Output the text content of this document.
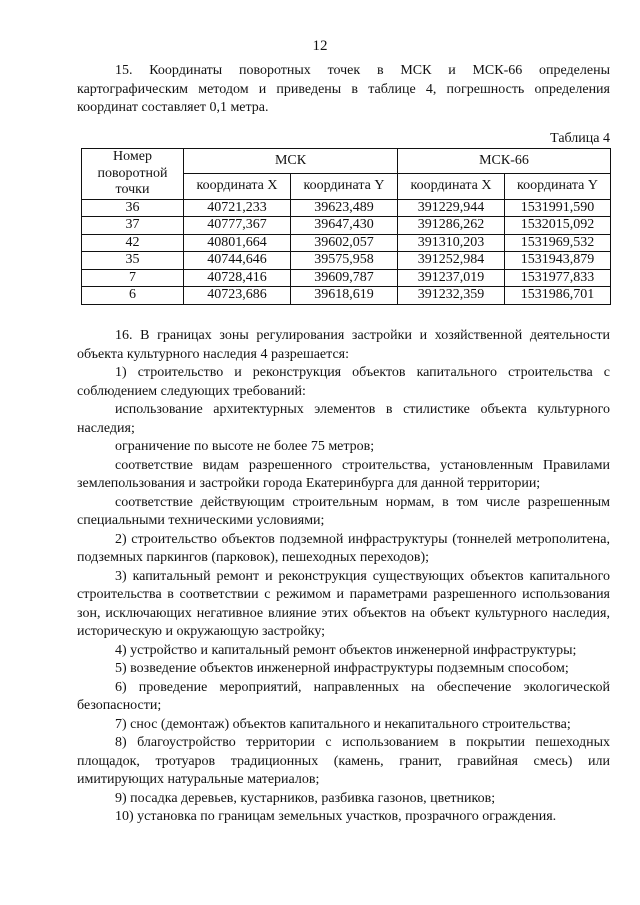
12

15. Координаты поворотных точек в МСК и МСК-66 определены картографическим методом и приведены в таблице 4, погрешность определения координат составляет 0,1 метра.

Таблица 4
Номер поворотной точки	МСК		МСК-66	
	координата X	координата Y	координата X	координата Y
36	40721,233	39623,489	391229,944	1531991,590
37	40777,367	39647,430	391286,262	1532015,092
42	40801,664	39602,057	391310,203	1531969,532
35	40744,646	39575,958	391252,984	1531943,879
7	40728,416	39609,787	391237,019	1531977,833
6	40723,686	39618,619	391232,359	1531986,701

16. В границах зоны регулирования застройки и хозяйственной деятельности объекта культурного наследия 4 разрешается:

1) строительство и реконструкция объектов капитального строительства с соблюдением следующих требований:

использование архитектурных элементов в стилистике объекта культурного наследия;

ограничение по высоте не более 75 метров;

соответствие видам разрешенного строительства, установленным Правилами землепользования и застройки города Екатеринбурга для данной территории;

соответствие действующим строительным нормам, в том числе разрешенным специальными техническими условиями;

2) строительство объектов подземной инфраструктуры (тоннелей метрополитена, подземных паркингов (парковок), пешеходных переходов);

3) капитальный ремонт и реконструкция существующих объектов капитального строительства в соответствии с режимом и параметрами разрешенного использования зон, исключающих негативное влияние этих объектов на объект культурного наследия, историческую и окружающую застройку;

4) устройство и капитальный ремонт объектов инженерной инфраструктуры;

5) возведение объектов инженерной инфраструктуры подземным способом;

6) проведение мероприятий, направленных на обеспечение экологической безопасности;

7) снос (демонтаж) объектов капитального и некапитального строительства;

8) благоустройство территории с использованием в покрытии пешеходных площадок, тротуаров традиционных (камень, гранит, гравийная смесь) или имитирующих натуральные материалов;

9) посадка деревьев, кустарников, разбивка газонов, цветников;

10) установка по границам земельных участков, прозрачного ограждения.
